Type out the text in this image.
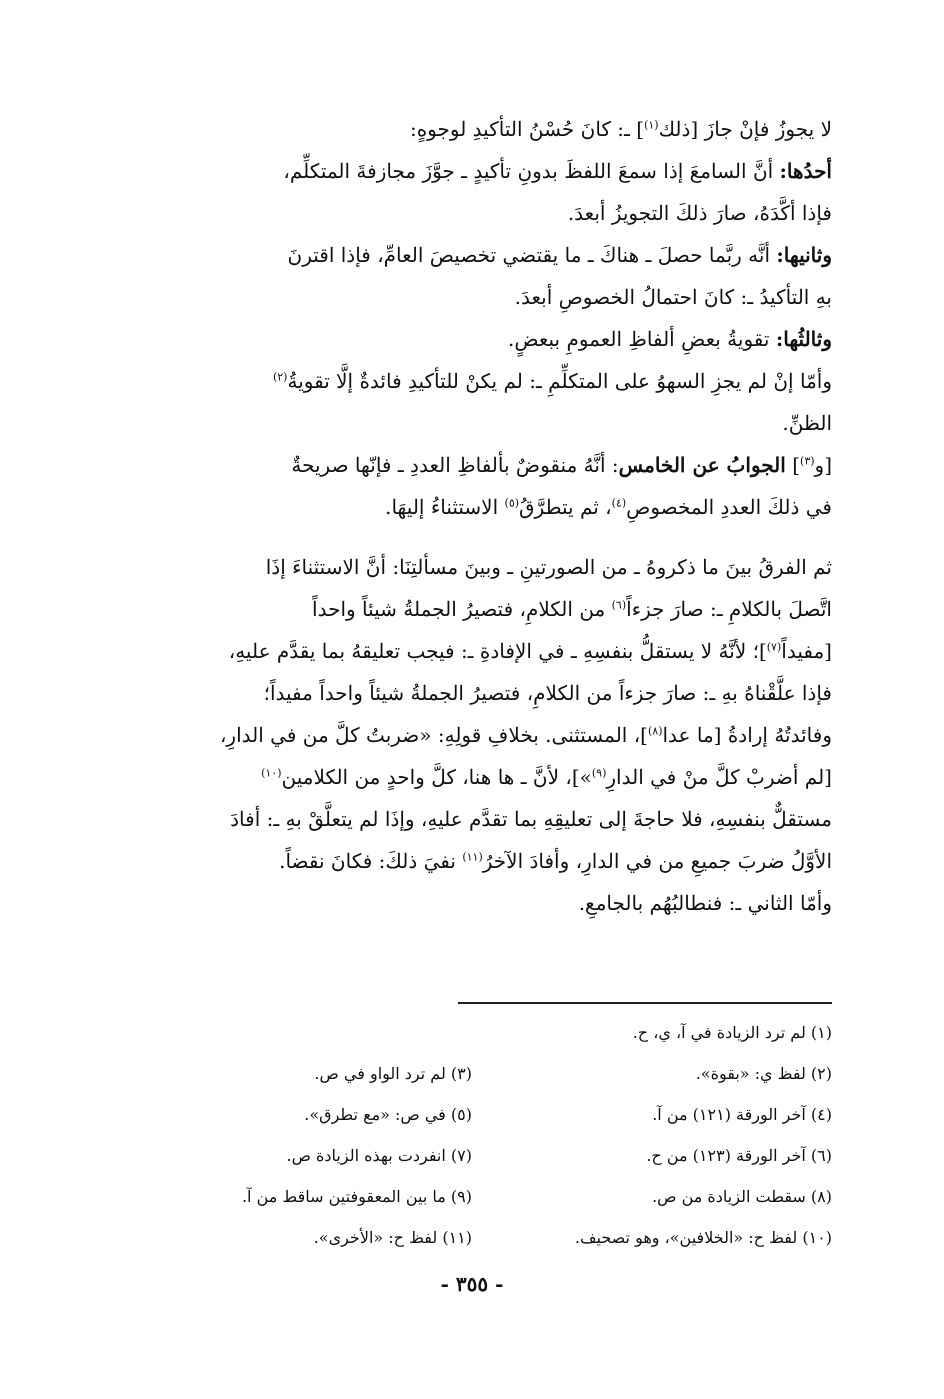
لا يجوزُ فإنْ جازَ [ذلك$^{(١)}$] ـ: كانَ حُسْنُ التأكيدِ لوجوهٍ:
أحدُها: أنَّ السامعَ إذا سمعَ اللفظَ بدونِ تأكيدٍ ـ جوَّزَ مجازفةَ المتكلِّم،
فإذا أكَّدَهُ، صارَ ذلكَ التجويزُ أبعدَ.
وثانيها: أنَّه ربَّما حصلَ ـ هناكَ ـ ما يقتضي تخصيصَ العامِّ، فإذا اقترنَ
بهِ التأكيدُ ـ: كانَ احتمالُ الخصوصِ أبعدَ.
وثالثُها: تقويةُ بعضِ ألفاظِ العمومِ ببعضٍ.
وأمّا إنْ لم يجزِ السهوُ على المتكلِّمِ ـ: لم يكنْ للتأكيدِ فائدةٌ إلَّا تقويةُ$^{(٢)}$
الظنِّ.
[و$^{(٣)}$] الجوابُ عن الخامس: أنَّهُ منقوضٌ بألفاظِ العددِ ـ فإنّها صريحةٌ
في ذلكَ العددِ المخصوصِ$^{(٤)}$، ثم يتطرَّقُ$^{(٥)}$ الاستثناءُ إليهَا.
ثم الفرقُ بينَ ما ذكروهُ ـ من الصورتينِ ـ وبينَ مسألتِنَا: أنَّ الاستثناءَ إذَا
اتَّصلَ بالكلامِ ـ: صارَ جزءاً$^{(٦)}$ من الكلامِ، فتصيرُ الجملةُ شيئاً واحداً
[مفيداً$^{(٧)}$]؛ لأنَّهُ لا يستقلُّ بنفسِهِ ـ في الإفادةِ ـ: فيجب تعليقهُ بما يقدَّم عليهِ،
فإذا علَّقْناهُ بهِ ـ: صارَ جزءاً من الكلامِ، فتصيرُ الجملةُ شيئاً واحداً مفيداً؛
وفائدتُهُ إرادةُ [ما عدا$^{(٨)}$]، المستثنى. بخلافِ قولِهِ: «ضربتُ كلَّ من في الدارِ،
[لم أضربْ كلَّ منْ في الدارِ$^{(٩)}$»]، لأنَّ ـ ها هنا، كلَّ واحدٍ من الكلامين$^{(١٠)}$
مستقلٌّ بنفسِهِ، فلا حاجةَ إلى تعليقِهِ بما تقدَّم عليهِ، وإذَا لم يتعلَّقْ بهِ ـ: أفادَ
الأوَّلُ ضربَ جميعِ من في الدارِ، وأفادَ الآخرُ$^{(١١)}$ نفيَ ذلكَ: فكانَ نقضاً.
وأمّا الثاني ـ: فنطالبُهُم بالجامعِ.
(١) لم ترد الزيادة في آ، ي، ح.
(٢) لفظ ي: «بقوة».
(٣) لم ترد الواو في ص.
(٤) آخر الورقة (١٢١) من آ.
(٥) في ص: «مع تطرق».
(٦) آخر الورقة (١٢٣) من ح.
(٧) انفردت بهذه الزيادة ص.
(٨) سقطت الزيادة من ص.
(٩) ما بين المعقوفتين ساقط من آ.
(١٠) لفظ ح: «الخلافين»، وهو تصحيف.
(١١) لفظ ح: «الأخرى».
- ٣٥٥ -
